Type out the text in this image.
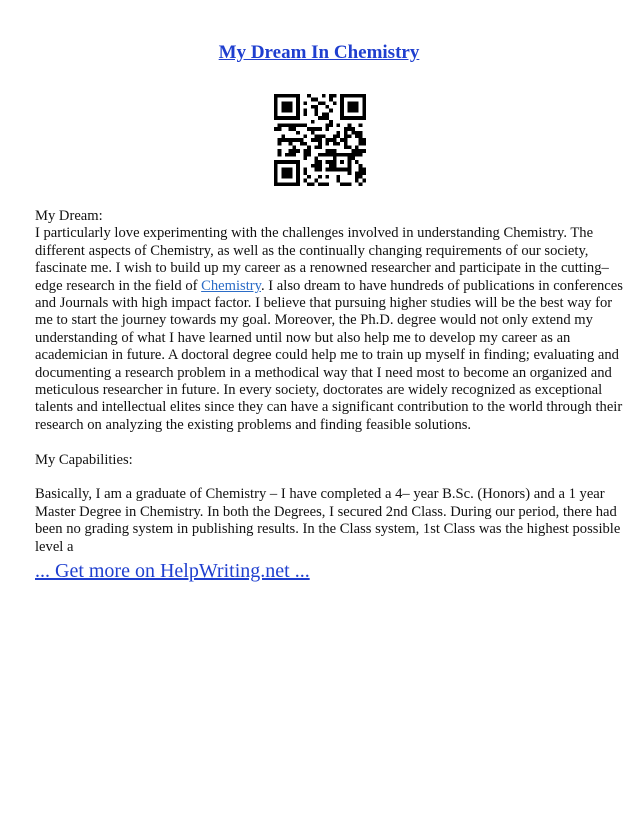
My Dream In Chemistry
My Dream:
I particularly love experimenting with the challenges involved in understanding Chemistry. The
different aspects of Chemistry, as well as the continually changing requirements of our society,
fascinate me. I wish to build up my career as a renowned researcher and participate in the cutting–
edge research in the field of Chemistry. I also dream to have hundreds of publications in conferences
and Journals with high impact factor. I believe that pursuing higher studies will be the best way for
me to start the journey towards my goal. Moreover, the Ph.D. degree would not only extend my
understanding of what I have learned until now but also help me to develop my career as an
academician in future. A doctoral degree could help me to train up myself in finding; evaluating and
documenting a research problem in a methodical way that I need most to become an organized and
meticulous researcher in future. In every society, doctorates are widely recognized as exceptional
talents and intellectual elites since they can have a significant contribution to the world through their
research on analyzing the existing problems and finding feasible solutions.
My Capabilities:
Basically, I am a graduate of Chemistry – I have completed a 4– year B.Sc. (Honors) and a 1 year
Master Degree in Chemistry. In both the Degrees, I secured 2nd Class. During our period, there had
been no grading system in publishing results. In the Class system, 1st Class was the highest possible
level a
... Get more on HelpWriting.net ...
